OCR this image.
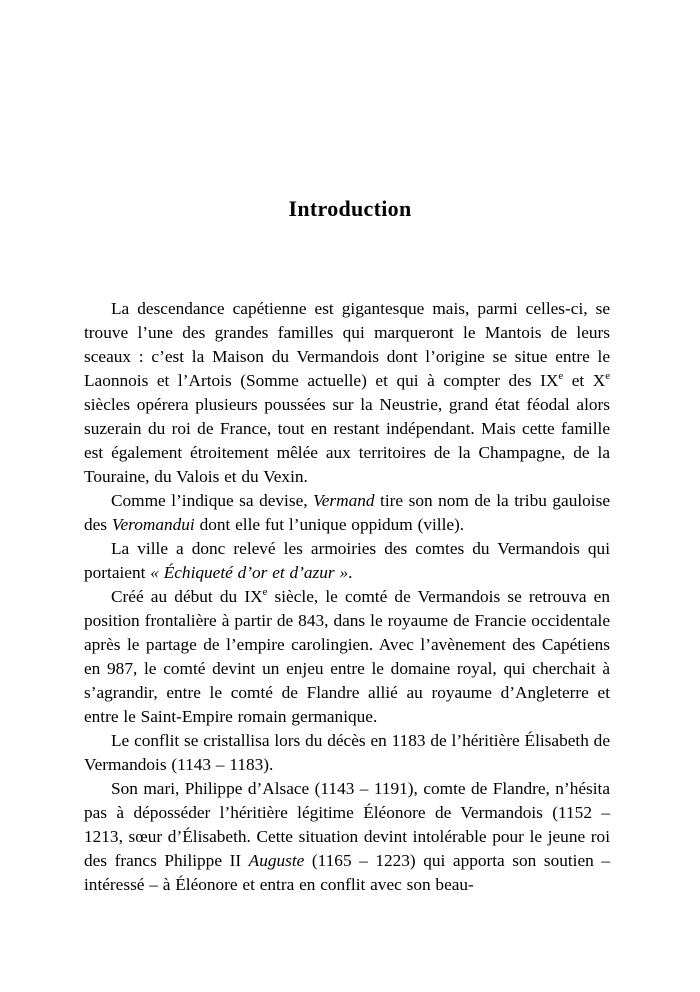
Introduction

La descendance capétienne est gigantesque mais, parmi celles-ci, se trouve l’une des grandes familles qui marqueront le Mantois de leurs sceaux : c’est la Maison du Vermandois dont l’origine se situe entre le Laonnois et l’Artois (Somme actuelle) et qui à compter des IXe et Xe siècles opérera plusieurs poussées sur la Neustrie, grand état féodal alors suzerain du roi de France, tout en restant indépendant. Mais cette famille est également étroitement mêlée aux territoires de la Champagne, de la Touraine, du Valois et du Vexin.

Comme l’indique sa devise, Vermand tire son nom de la tribu gauloise des Veromandui dont elle fut l’unique oppidum (ville).

La ville a donc relevé les armoiries des comtes du Vermandois qui portaient « Échiqueté d’or et d’azur ».

Créé au début du IXe siècle, le comté de Vermandois se retrouva en position frontalière à partir de 843, dans le royaume de Francie occidentale après le partage de l’empire carolingien. Avec l’avènement des Capétiens en 987, le comté devint un enjeu entre le domaine royal, qui cherchait à s’agrandir, entre le comté de Flandre allié au royaume d’Angleterre et entre le Saint-Empire romain germanique.

Le conflit se cristallisa lors du décès en 1183 de l’héritière Élisabeth de Vermandois (1143 – 1183).

Son mari, Philippe d’Alsace (1143 – 1191), comte de Flandre, n’hésita pas à déposséder l’héritière légitime Éléonore de Vermandois (1152 – 1213, sœur d’Élisabeth. Cette situation devint intolérable pour le jeune roi des francs Philippe II Auguste (1165 – 1223) qui apporta son soutien – intéressé – à Éléonore et entra en conflit avec son beau-
